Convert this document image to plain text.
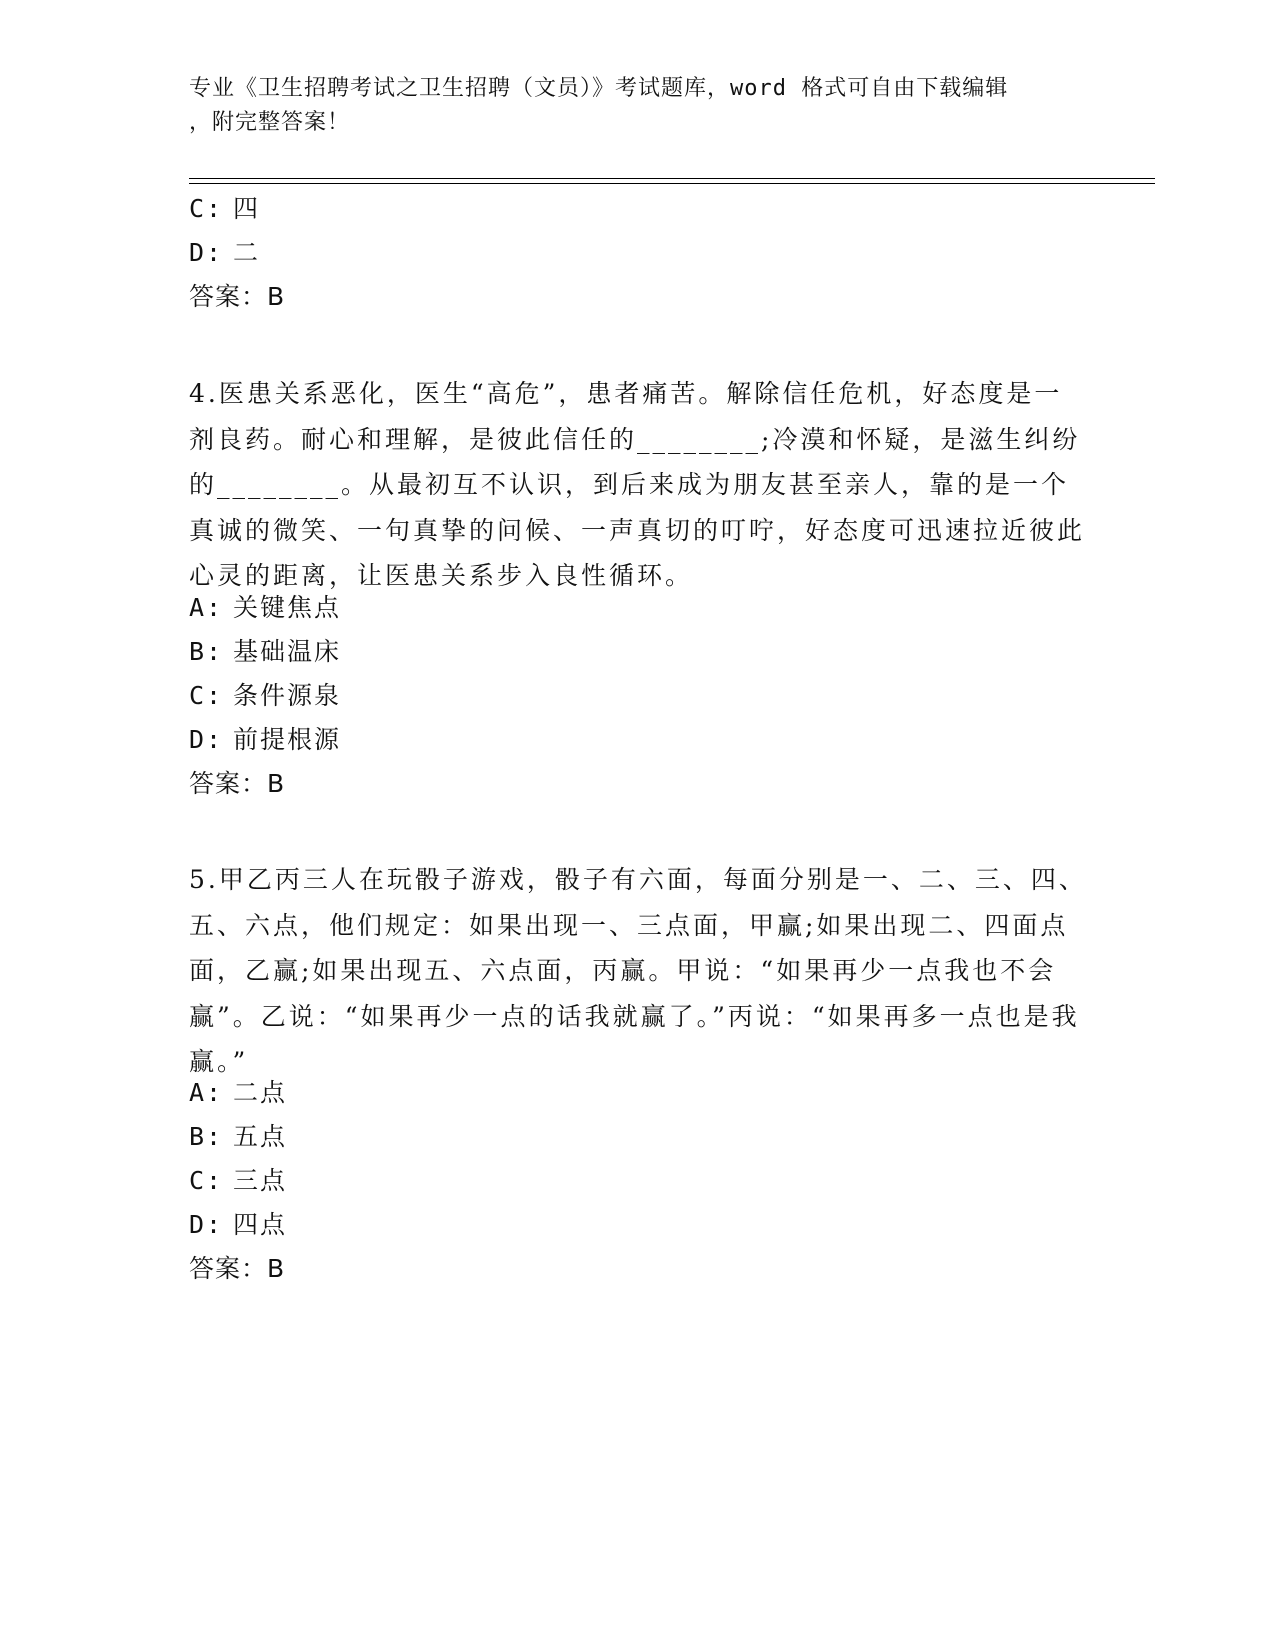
专业《卫生招聘考试之卫生招聘（文员）》考试题库，word 格式可自由下载编辑
，附完整答案！
C: 四
D: 二
答案：B
4.医患关系恶化，医生“高危”，患者痛苦。解除信任危机，好态度是一剂良药。耐心和理解，是彼此信任的________;冷漠和怀疑，是滋生纠纷的________。从最初互不认识，到后来成为朋友甚至亲人，靠的是一个真诚的微笑、一句真挚的问候、一声真切的叮咛，好态度可迅速拉近彼此心灵的距离，让医患关系步入良性循环。
A: 关键焦点
B: 基础温床
C: 条件源泉
D: 前提根源
答案：B
5.甲乙丙三人在玩骰子游戏，骰子有六面，每面分别是一、二、三、四、五、六点，他们规定：如果出现一、三点面，甲赢;如果出现二、四面点面，乙赢;如果出现五、六点面，丙赢。甲说：“如果再少一点我也不会赢”。乙说：“如果再少一点的话我就赢了。”丙说：“如果再多一点也是我赢。”
A: 二点
B: 五点
C: 三点
D: 四点
答案：B
